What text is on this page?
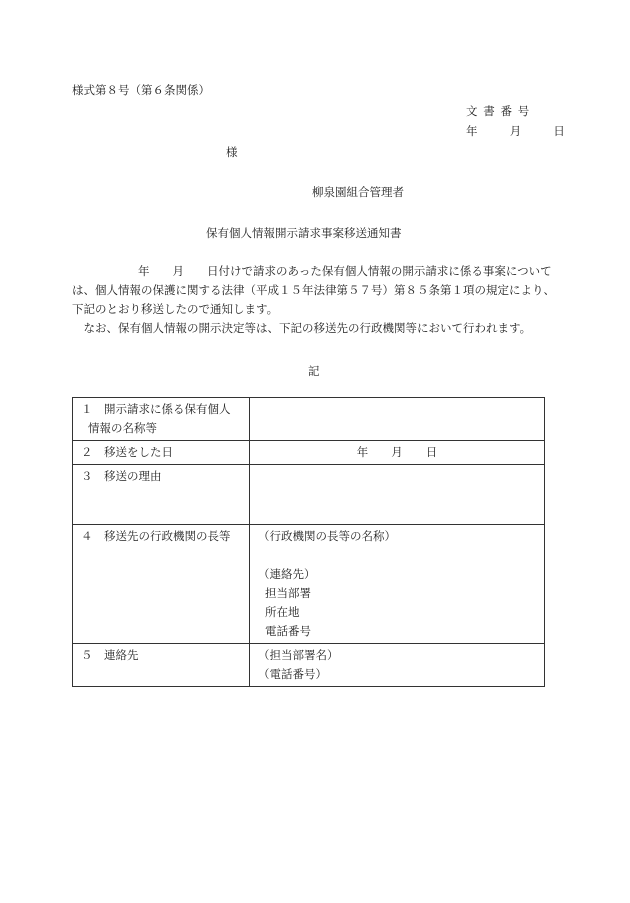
様式第８号（第６条関係）
文書番号
年　月　日
様
柳泉園組合管理者
保有個人情報開示請求事案移送通知書

年　　月　　日付けで請求のあった保有個人情報の開示請求に係る事案について

は、個人情報の保護に関する法律（平成１５年法律第５７号）第８５条第１項の規定により、下記のとおり移送したので通知します。

なお、保有個人情報の開示決定等は、下記の移送先の行政機関等において行われます。

記
１　開示請求に係る保有個人
情報の名称等	

２　移送をした日	年　　月　　日
３　移送の理由	
４　移送先の行政機関の長等	（行政機関の長等の名称）

（連絡先）
担当部署
所在地
電話番号

５　連絡先	（担当部署名）
（電話番号）
